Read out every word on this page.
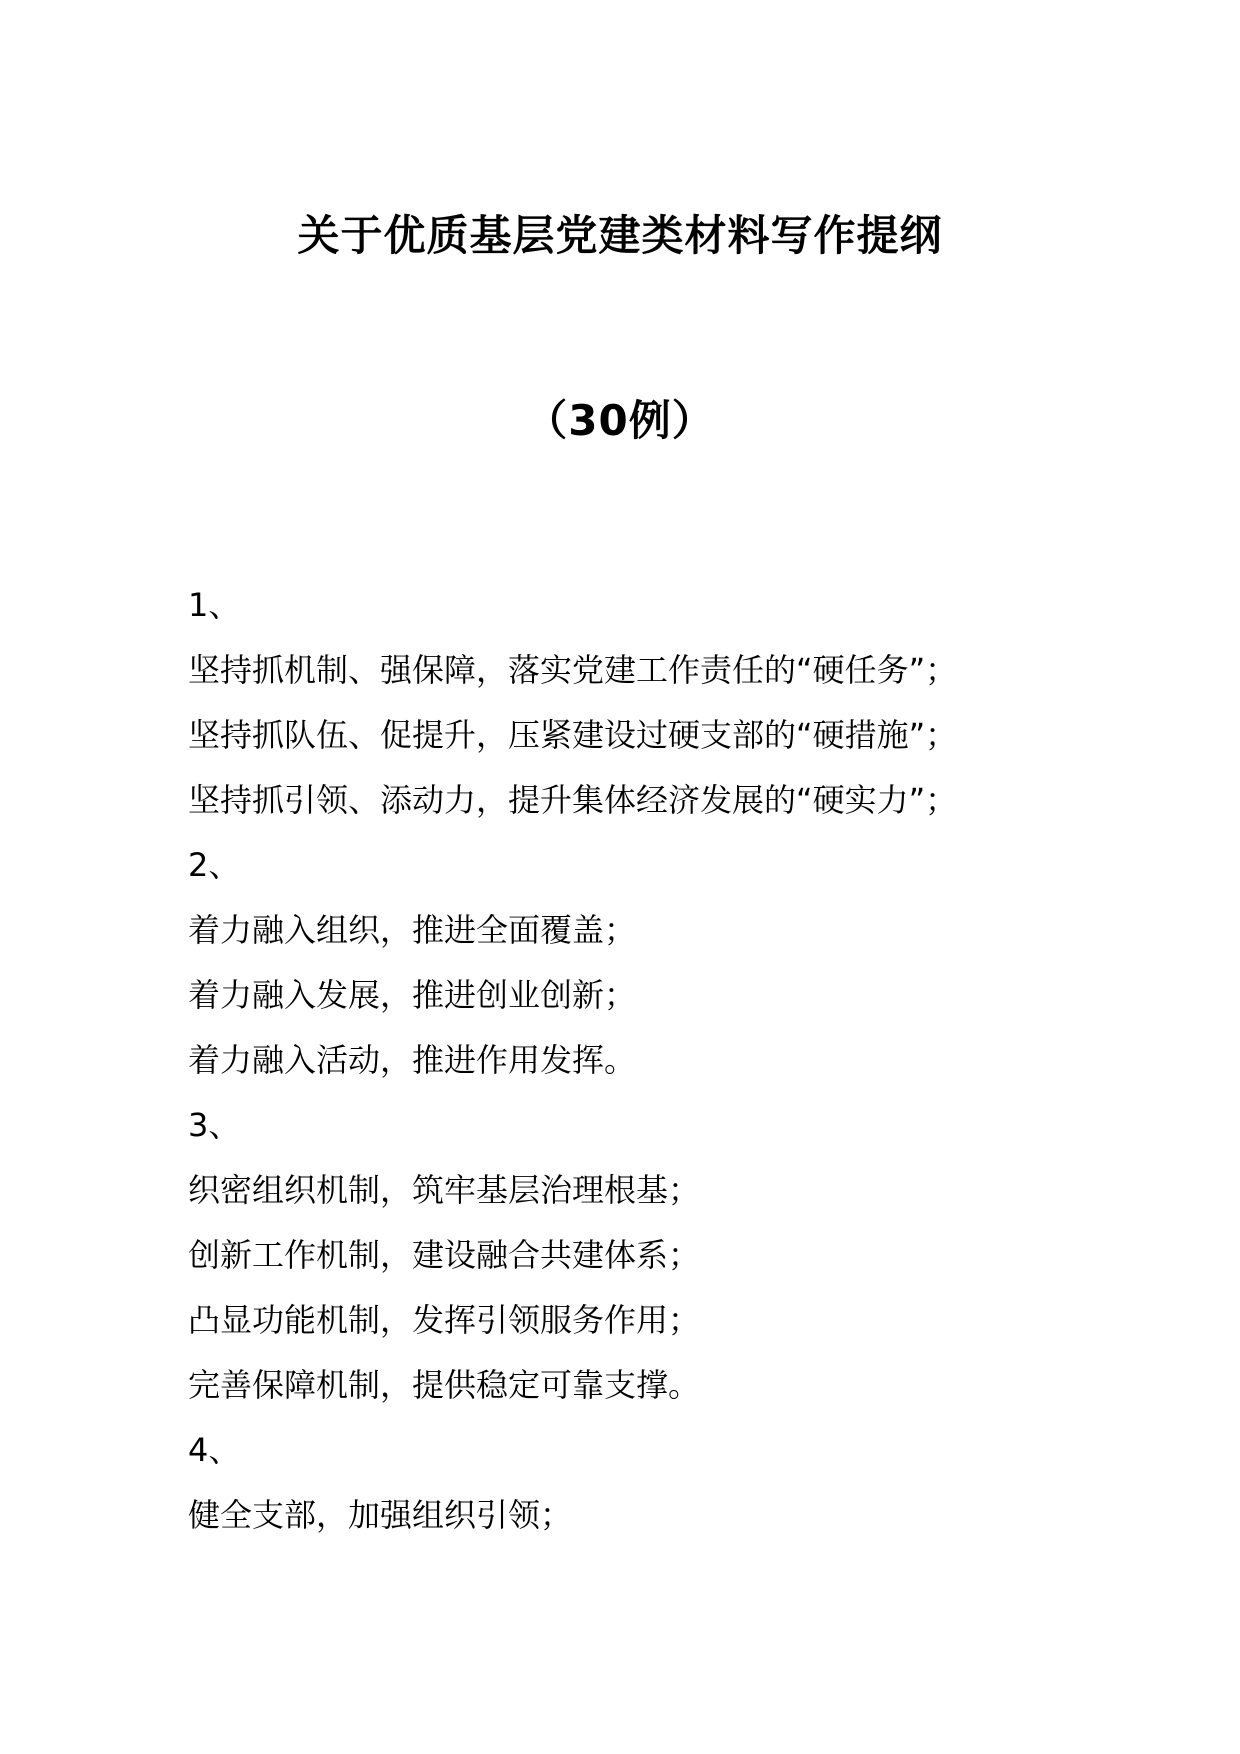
关于优质基层党建类材料写作提纲
（30例）
1、
坚持抓机制、强保障，落实党建工作责任的“硬任务”；
坚持抓队伍、促提升，压紧建设过硬支部的“硬措施”；
坚持抓引领、添动力，提升集体经济发展的“硬实力”；
2、
着力融入组织，推进全面覆盖；
着力融入发展，推进创业创新；
着力融入活动，推进作用发挥。
3、
织密组织机制，筑牢基层治理根基；
创新工作机制，建设融合共建体系；
凸显功能机制，发挥引领服务作用；
完善保障机制，提供稳定可靠支撑。
4、
健全支部，加强组织引领；
